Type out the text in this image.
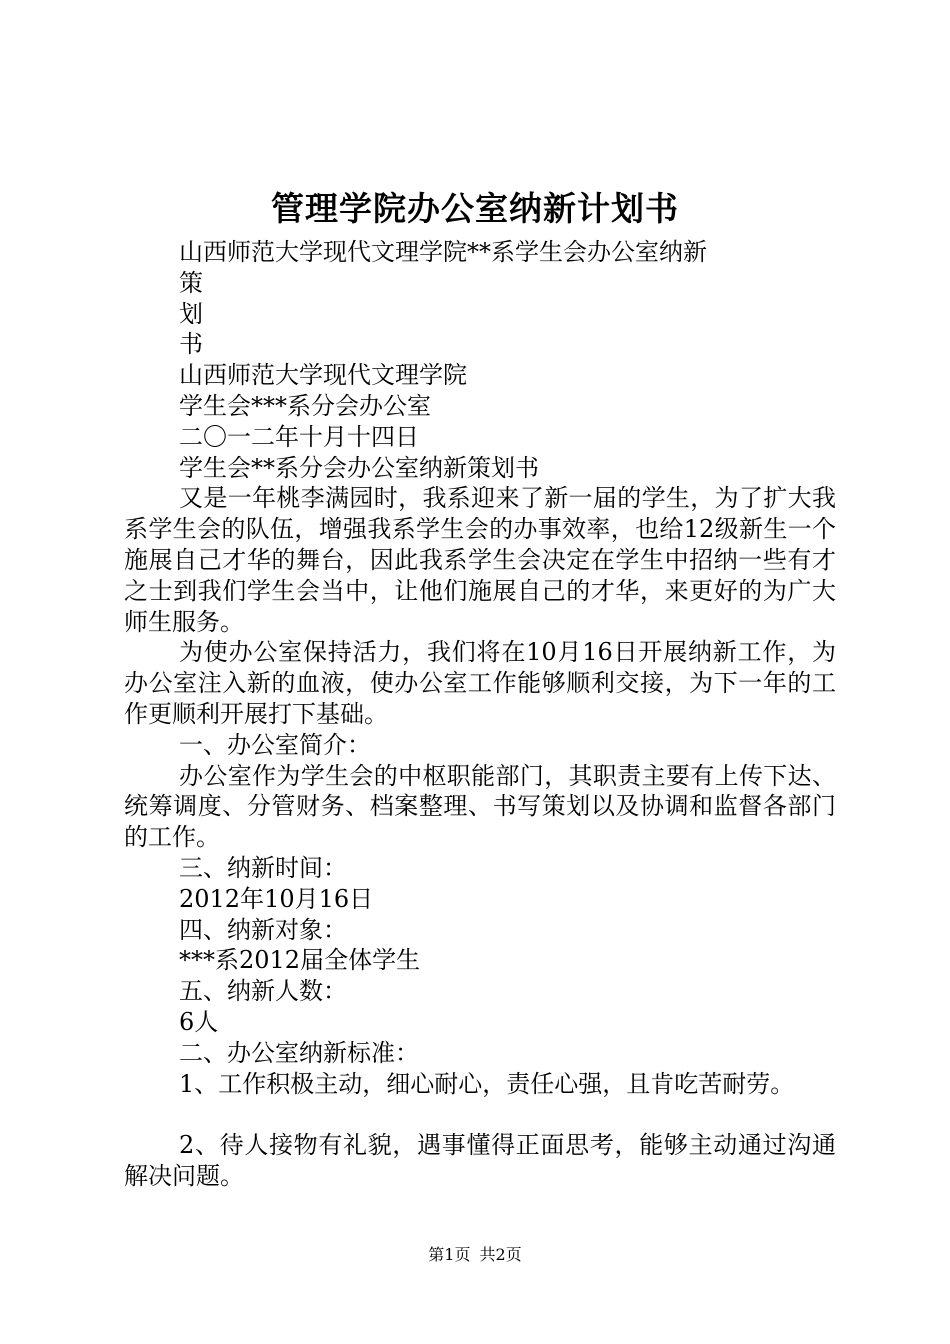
管理学院办公室纳新计划书
山西师范大学现代文理学院**系学生会办公室纳新
策
划
书
山西师范大学现代文理学院
学生会***系分会办公室
二〇一二年十月十四日
学生会**系分会办公室纳新策划书

又是一年桃李满园时，我系迎来了新一届的学生，为了扩大我系学生会的队伍，增强我系学生会的办事效率，也给12级新生一个施展自己才华的舞台，因此我系学生会决定在学生中招纳一些有才之士到我们学生会当中，让他们施展自己的才华，来更好的为广大师生服务。

为使办公室保持活力，我们将在10月16日开展纳新工作，为办公室注入新的血液，使办公室工作能够顺利交接，为下一年的工作更顺利开展打下基础。

一、办公室简介：

办公室作为学生会的中枢职能部门，其职责主要有上传下达、统筹调度、分管财务、档案整理、书写策划以及协调和监督各部门的工作。

三、纳新时间：
2012年10月16日
四、纳新对象：
***系2012届全体学生
五、纳新人数：
6人
二、办公室纳新标准：
1、工作积极主动，细心耐心，责任心强，且肯吃苦耐劳。

2、待人接物有礼貌，遇事懂得正面思考，能够主动通过沟通解决问题。

第1页 共2页
